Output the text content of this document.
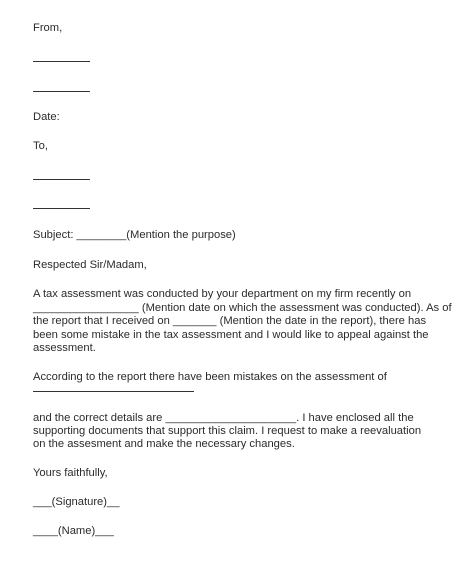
From,
Date:
To,
Subject: ________(Mention the purpose)
Respected Sir/Madam,
A tax assessment was conducted by your department on my firm recently on
_________________ (Mention date on which the assessment was conducted). As of
the report that I received on _______ (Mention the date in the report), there has
been some mistake in the tax assessment and I would like to appeal against the
assessment.
According to the report there have been mistakes on the assessment of
and the correct details are _____________________. I have enclosed all the
supporting documents that support this claim. I request to make a reevaluation
on the assesment and make the necessary changes.
Yours faithfully,
___(Signature)__
____(Name)___
